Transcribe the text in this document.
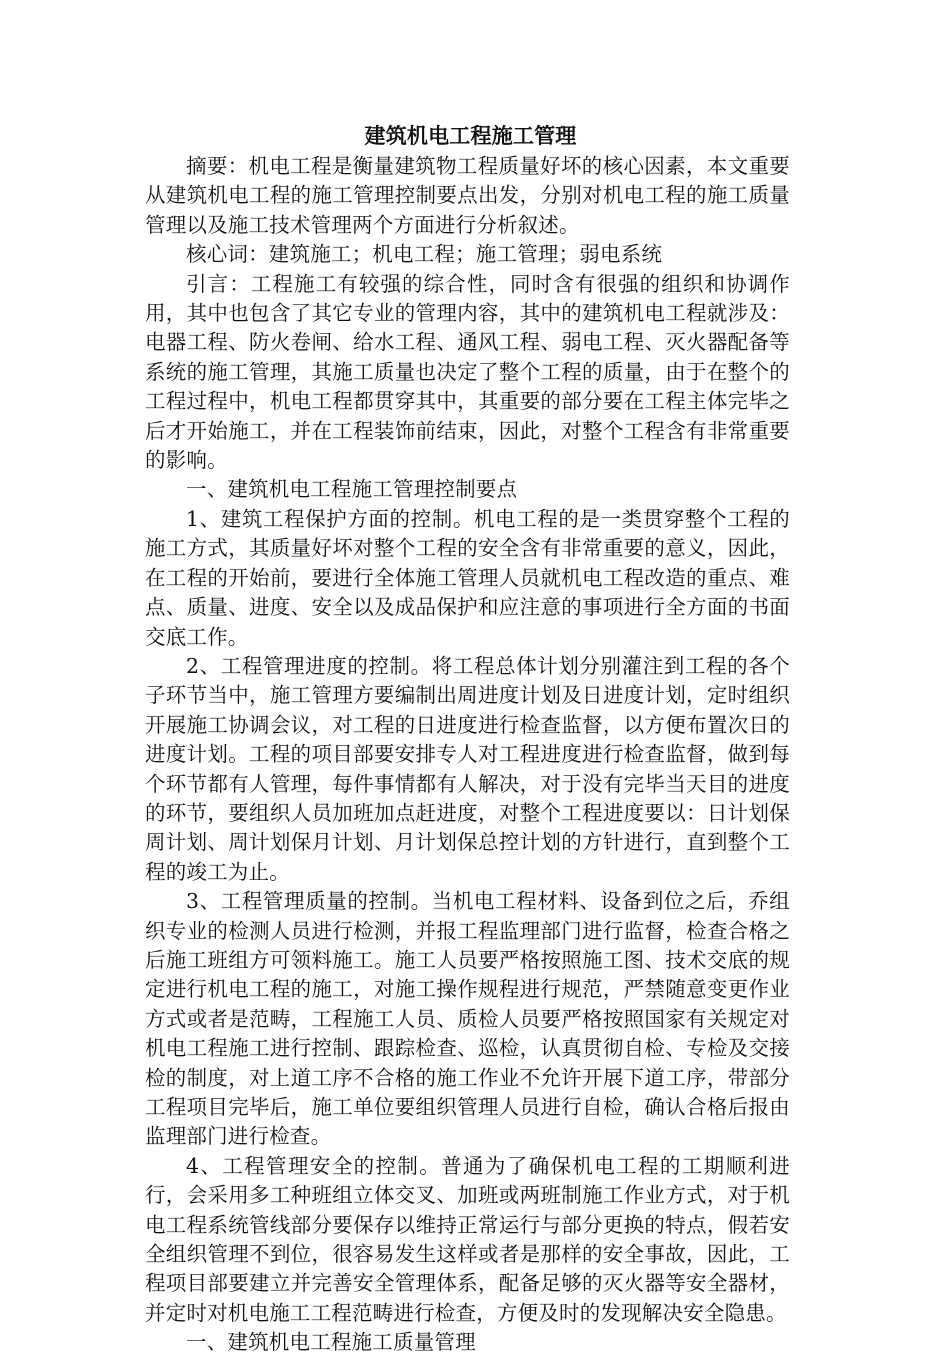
建筑机电工程施工管理

摘要：机电工程是衡量建筑物工程质量好坏的核心因素，本文重要从建筑机电工程的施工管理控制要点出发，分别对机电工程的施工质量管理以及施工技术管理两个方面进行分析叙述。

核心词：建筑施工；机电工程；施工管理；弱电系统

引言：工程施工有较强的综合性，同时含有很强的组织和协调作用，其中也包含了其它专业的管理内容，其中的建筑机电工程就涉及：电器工程、防火卷闸、给水工程、通风工程、弱电工程、灭火器配备等系统的施工管理，其施工质量也决定了整个工程的质量，由于在整个的工程过程中，机电工程都贯穿其中，其重要的部分要在工程主体完毕之后才开始施工，并在工程装饰前结束，因此，对整个工程含有非常重要的影响。

一、建筑机电工程施工管理控制要点

1、建筑工程保护方面的控制。机电工程的是一类贯穿整个工程的施工方式，其质量好坏对整个工程的安全含有非常重要的意义，因此，在工程的开始前，要进行全体施工管理人员就机电工程改造的重点、难点、质量、进度、安全以及成品保护和应注意的事项进行全方面的书面交底工作。

2、工程管理进度的控制。将工程总体计划分别灌注到工程的各个子环节当中，施工管理方要编制出周进度计划及日进度计划，定时组织开展施工协调会议，对工程的日进度进行检查监督，以方便布置次日的进度计划。工程的项目部要安排专人对工程进度进行检查监督，做到每个环节都有人管理，每件事情都有人解决，对于没有完毕当天目的进度的环节，要组织人员加班加点赶进度，对整个工程进度要以：日计划保周计划、周计划保月计划、月计划保总控计划的方针进行，直到整个工程的竣工为止。

3、工程管理质量的控制。当机电工程材料、设备到位之后，乔组织专业的检测人员进行检测，并报工程监理部门进行监督，检查合格之后施工班组方可领料施工。施工人员要严格按照施工图、技术交底的规定进行机电工程的施工，对施工操作规程进行规范，严禁随意变更作业方式或者是范畴，工程施工人员、质检人员要严格按照国家有关规定对机电工程施工进行控制、跟踪检查、巡检，认真贯彻自检、专检及交接检的制度，对上道工序不合格的施工作业不允许开展下道工序，带部分工程项目完毕后，施工单位要组织管理人员进行自检，确认合格后报由监理部门进行检查。

4、工程管理安全的控制。普通为了确保机电工程的工期顺利进行，会采用多工种班组立体交叉、加班或两班制施工作业方式，对于机电工程系统管线部分要保存以维持正常运行与部分更换的特点，假若安全组织管理不到位，很容易发生这样或者是那样的安全事故，因此，工程项目部要建立并完善安全管理体系，配备足够的灭火器等安全器材，并定时对机电施工工程范畴进行检查，方便及时的发现解决安全隐患。

一、建筑机电工程施工质量管理
